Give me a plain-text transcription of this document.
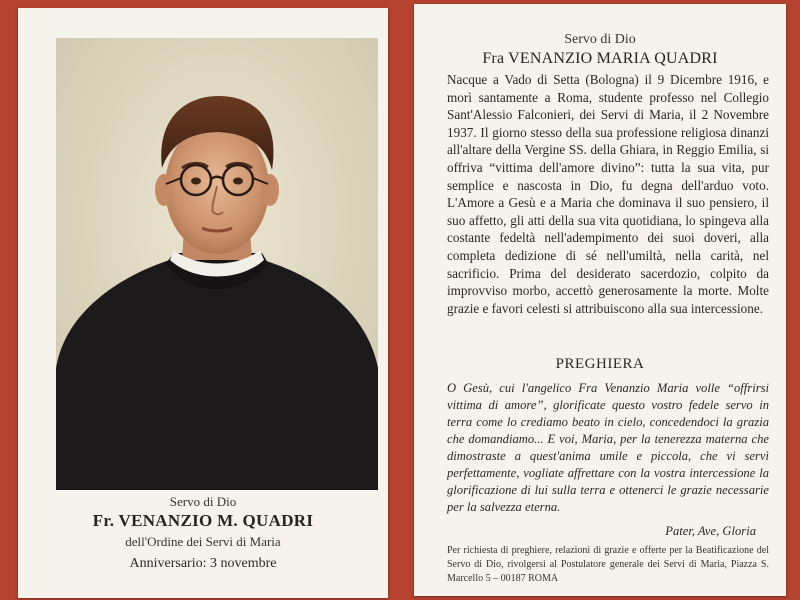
Servo di Dio
Fr. VENANZIO M. QUADRI
dell'Ordine dei Servi di Maria
Anniversario: 3 novembre
Servo di Dio
Fra VENANZIO MARIA QUADRI

Nacque a Vado di Setta (Bologna) il 9 Dicembre 1916, e morì santamente a Roma, studente professo nel Collegio Sant'Alessio Falconieri, dei Servi di Maria, il 2 Novembre 1937. Il giorno stesso della sua professione religiosa dinanzi all'altare della Vergine SS. della Ghiara, in Reggio Emilia, si offriva “vittima dell'amore divino”: tutta la sua vita, pur semplice e nascosta in Dio, fu degna dell'arduo voto. L'Amore a Gesù e a Maria che dominava il suo pensiero, il suo affetto, gli atti della sua vita quotidiana, lo spingeva alla costante fedeltà nell'adempimento dei suoi doveri, alla completa dedizione di sé nell'umiltà, nella carità, nel sacrificio. Prima del desiderato sacerdozio, colpito da improvviso morbo, accettò generosamente la morte. Molte grazie e favori celesti si attribuiscono alla sua intercessione.

PREGHIERA

O Gesù, cui l'angelico Fra Venanzio Maria volle “offrirsi vittima di amore”, glorificate questo vostro fedele servo in terra come lo crediamo beato in cielo, concedendoci la grazia che domandiamo... E voi, Maria, per la tenerezza materna che dimostraste a quest'anima umile e piccola, che vi servì perfettamente, vogliate affrettare con la vostra intercessione la glorificazione di lui sulla terra e ottenerci le grazie necessarie per la salvezza eterna.

Pater, Ave, Gloria

Per richiesta di preghiere, relazioni di grazie e offerte per la Beatificazione del Servo di Dio, rivolgersi al Postulatore generale dei Servi di Maria, Piazza S. Marcello 5 – 00187 ROMA
